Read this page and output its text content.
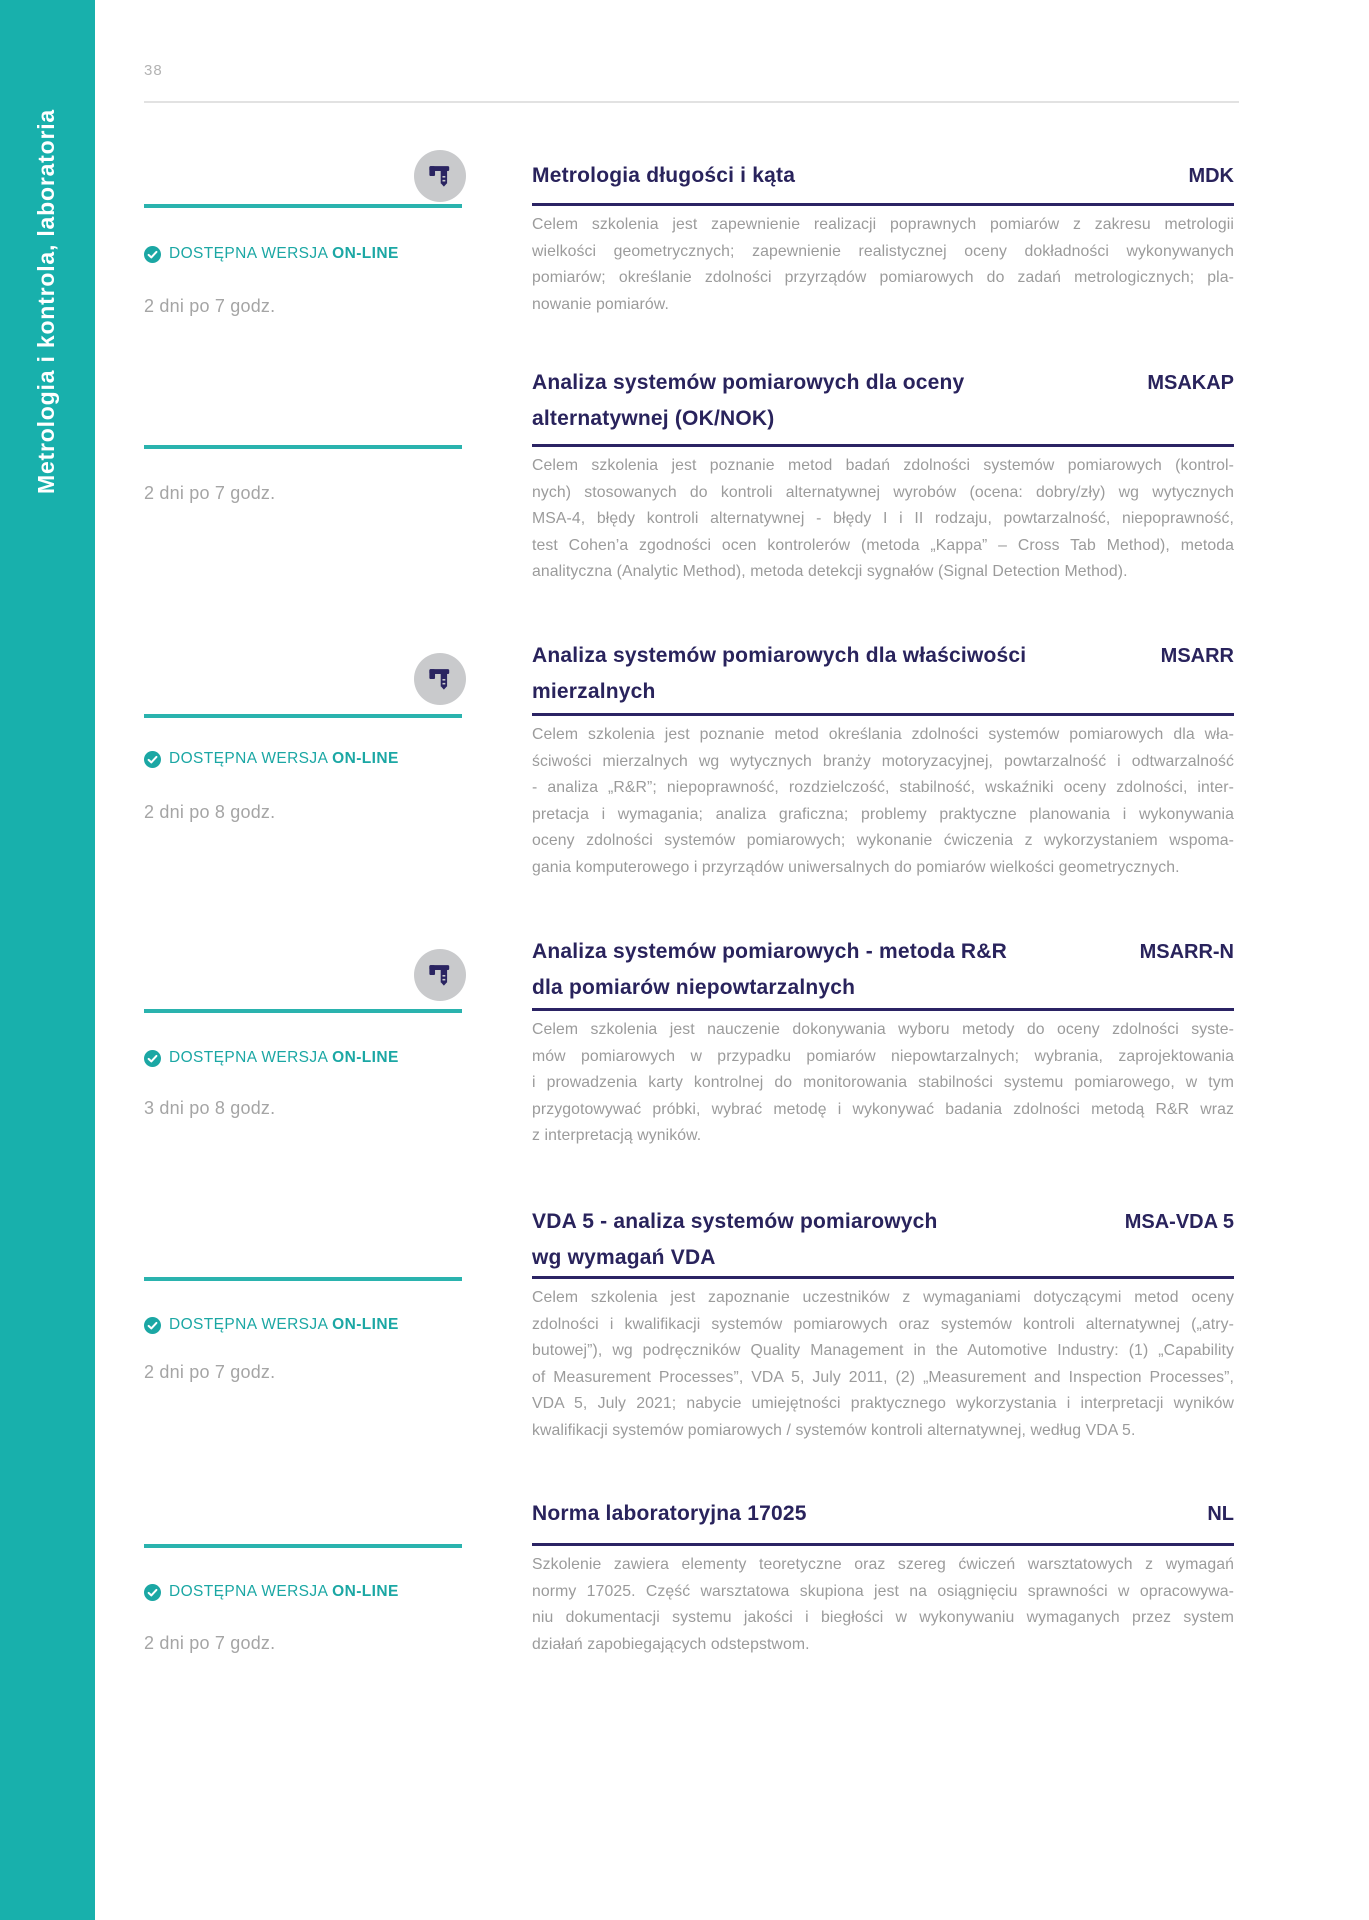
Metrologia i kontrola, laboratoria
38
DOSTĘPNA WERSJA ON-LINE
2 dni po 7 godz.
Metrologia długości i kąta	MDK
Celem szkolenia jest zapewnienie realizacji poprawnych pomiarów z zakresu metrologii
wielkości geometrycznych; zapewnienie realistycznej oceny dokładności wykonywanych
pomiarów; określanie zdolności przyrządów pomiarowych do zadań metrologicznych; pla-
nowanie pomiarów.
2 dni po 7 godz.
Analiza systemów pomiarowych dla oceny
alternatywnej (OK/NOK)
MSAKAP
Celem szkolenia jest poznanie metod badań zdolności systemów pomiarowych (kontrol-
nych) stosowanych do kontroli alternatywnej wyrobów (ocena: dobry/zły) wg wytycznych
MSA-4, błędy kontroli alternatywnej - błędy I i II rodzaju, powtarzalność, niepoprawność,
test Cohen’a zgodności ocen kontrolerów (metoda „Kappa” – Cross Tab Method), metoda
analityczna (Analytic Method), metoda detekcji sygnałów (Signal Detection Method).
DOSTĘPNA WERSJA ON-LINE
2 dni po 8 godz.
Analiza systemów pomiarowych dla właściwości
mierzalnych
MSARR
Celem szkolenia jest poznanie metod określania zdolności systemów pomiarowych dla wła-
ściwości mierzalnych wg wytycznych branży motoryzacyjnej, powtarzalność i odtwarzalność
- analiza „R&R”; niepoprawność, rozdzielczość, stabilność, wskaźniki oceny zdolności, inter-
pretacja i wymagania; analiza graficzna; problemy praktyczne planowania i wykonywania
oceny zdolności systemów pomiarowych; wykonanie ćwiczenia z wykorzystaniem wspoma-
gania komputerowego i przyrządów uniwersalnych do pomiarów wielkości geometrycznych.
DOSTĘPNA WERSJA ON-LINE
3 dni po 8 godz.
Analiza systemów pomiarowych - metoda R&R
dla pomiarów niepowtarzalnych
MSARR-N
Celem szkolenia jest nauczenie dokonywania wyboru metody do oceny zdolności syste-
mów pomiarowych w przypadku pomiarów niepowtarzalnych; wybrania, zaprojektowania
i prowadzenia karty kontrolnej do monitorowania stabilności systemu pomiarowego, w tym
przygotowywać próbki, wybrać metodę i wykonywać badania zdolności metodą R&R wraz
z interpretacją wyników.
DOSTĘPNA WERSJA ON-LINE
2 dni po 7 godz.
VDA 5 - analiza systemów pomiarowych
wg wymagań VDA
MSA-VDA 5
Celem szkolenia jest zapoznanie uczestników z wymaganiami dotyczącymi metod oceny
zdolności i kwalifikacji systemów pomiarowych oraz systemów kontroli alternatywnej („atry-
butowej”), wg podręczników Quality Management in the Automotive Industry: (1) „Capability
of Measurement Processes”, VDA 5, July 2011, (2) „Measurement and Inspection Processes”,
VDA 5, July 2021; nabycie umiejętności praktycznego wykorzystania i interpretacji wyników
kwalifikacji systemów pomiarowych / systemów kontroli alternatywnej, według VDA 5.
DOSTĘPNA WERSJA ON-LINE
2 dni po 7 godz.
Norma laboratoryjna 17025	NL
Szkolenie zawiera elementy teoretyczne oraz szereg ćwiczeń warsztatowych z wymagań
normy 17025. Część warsztatowa skupiona jest na osiągnięciu sprawności w opracowywa-
niu dokumentacji systemu jakości i biegłości w wykonywaniu wymaganych przez system
działań zapobiegających odstepstwom.
